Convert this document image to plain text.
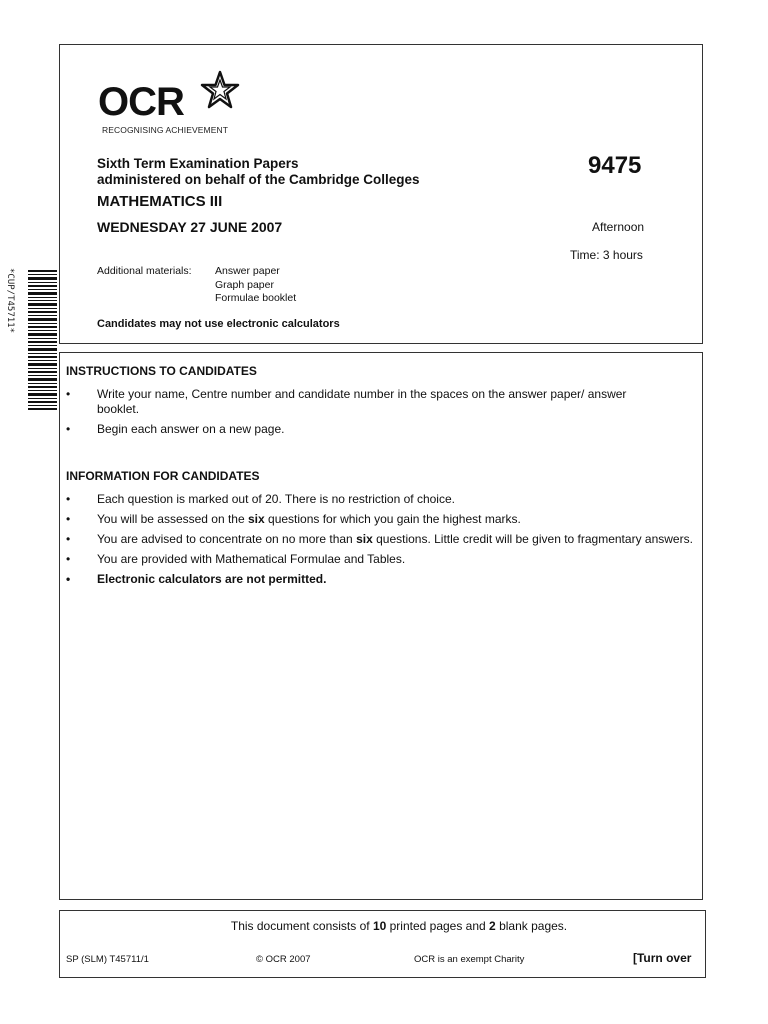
*CUP/T45711*
OCR
RECOGNISING ACHIEVEMENT
Sixth Term Examination Papers
administered on behalf of the Cambridge Colleges
9475
MATHEMATICS III
WEDNESDAY 27 JUNE 2007	Afternoon
Time: 3 hours
Additional materials: Answer paper
Graph paper
Formulae booklet
Candidates may not use electronic calculators
INSTRUCTIONS TO CANDIDATES
• Write your name, Centre number and candidate number in the spaces on the answer paper/ answer booklet.
• Begin each answer on a new page.
INFORMATION FOR CANDIDATES
• Each question is marked out of 20. There is no restriction of choice.
• You will be assessed on the six questions for which you gain the highest marks.
• You are advised to concentrate on no more than six questions. Little credit will be given to fragmentary answers.
• You are provided with Mathematical Formulae and Tables.
• Electronic calculators are not permitted.
This document consists of 10 printed pages and 2 blank pages.
SP (SLM) T45711/1	© OCR 2007	OCR is an exempt Charity	[Turn over
